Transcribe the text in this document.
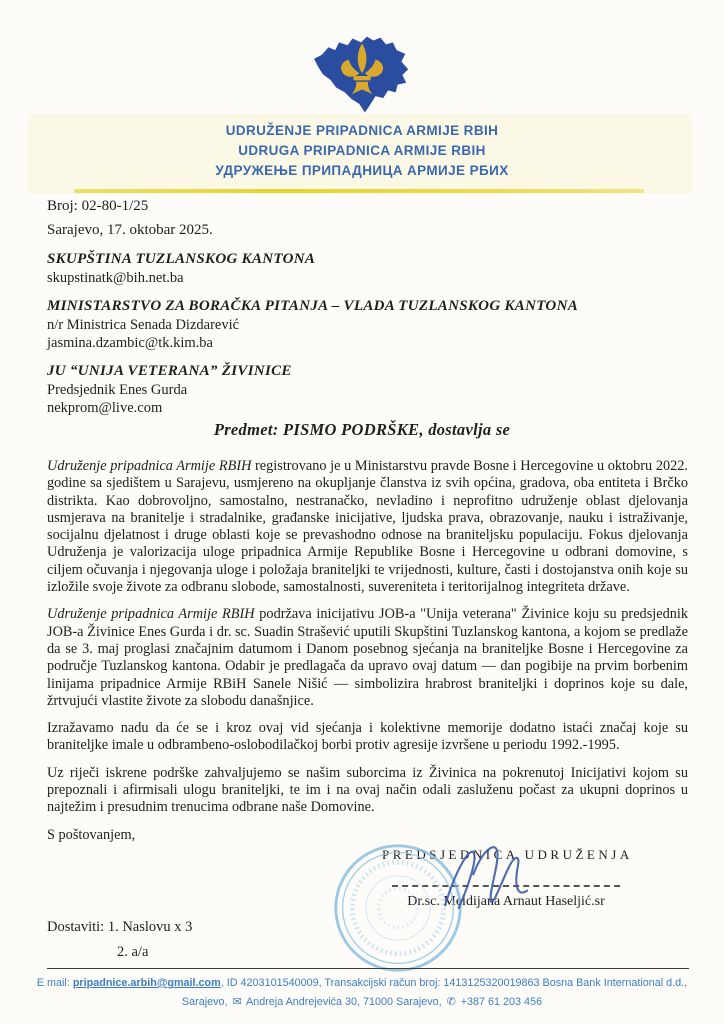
UDRUŽENJE PRIPADNICA ARMIJE RBIH
UDRUGA PRIPADNICA ARMIJE RBIH
УДРУЖЕЊЕ ПРИПАДНИЦА АРМИЈЕ РБИХ
Broj: 02-80-1/25
Sarajevo, 17. oktobar 2025.
SKUPŠTINA TUZLANSKOG KANTONA
skupstinatk@bih.net.ba
MINISTARSTVO ZA BORAČKA PITANJA – VLADA TUZLANSKOG KANTONA
n/r Ministrica Senada Dizdarević
jasmina.dzambic@tk.kim.ba
JU “UNIJA VETERANA” ŽIVINICE
Predsjednik Enes Gurda
nekprom@live.com
Predmet: PISMO PODRŠKE, dostavlja se

Udruženje pripadnica Armije RBIH registrovano je u Ministarstvu pravde Bosne i Hercegovine u oktobru 2022. godine sa sjedištem u Sarajevu, usmjereno na okupljanje članstva iz svih općina, gradova, oba entiteta i Brčko distrikta. Kao dobrovoljno, samostalno, nestranačko, nevladino i neprofitno udruženje oblast djelovanja usmjerava na branitelje i stradalnike, građanske inicijative, ljudska prava, obrazovanje, nauku i istraživanje, socijalnu djelatnost i druge oblasti koje se prevashodno odnose na braniteljsku populaciju. Fokus djelovanja Udruženja je valorizacija uloge pripadnica Armije Republike Bosne i Hercegovine u odbrani domovine, s ciljem očuvanja i njegovanja uloge i položaja braniteljki te vrijednosti, kulture, časti i dostojanstva onih koje su izložile svoje živote za odbranu slobode, samostalnosti, suvereniteta i teritorijalnog integriteta države.

Udruženje pripadnica Armije RBIH podržava inicijativu JOB-a "Unija veterana" Živinice koju su predsjednik JOB-a Živinice Enes Gurda i dr. sc. Suadin Strašević uputili Skupštini Tuzlanskog kantona, a kojom se predlaže da se 3. maj proglasi značajnim datumom i Danom posebnog sjećanja na braniteljke Bosne i Hercegovine za područje Tuzlanskog kantona. Odabir je predlagača da upravo ovaj datum — dan pogibije na prvim borbenim linijama pripadnice Armije RBiH Sanele Nišić — simbolizira hrabrost braniteljki i doprinos koje su dale, žrtvujući vlastite živote za slobodu današnjice.

Izražavamo nadu da će se i kroz ovaj vid sjećanja i kolektivne memorije dodatno istaći značaj koje su braniteljke imale u odbrambeno-oslobodilačkoj borbi protiv agresije izvršene u periodu 1992.-1995.

Uz riječi iskrene podrške zahvaljujemo se našim suborcima iz Živinica na pokrenutoj Inicijativi kojom su prepoznali i afirmisali ulogu braniteljki, te im i na ovaj način odali zasluženu počast za ukupni doprinos u najtežim i presudnim trenucima odbrane naše Domovine.

S poštovanjem,

PREDSJEDNICA UDRUŽENJA
Dr.sc. Meldijana Arnaut Haseljić.sr
Dostaviti: 1. Naslovu x 3
2. a/a
E mail: pripadnice.arbih@gmail.com, ID 4203101540009, Transakcijski račun broj: 1413125320019863 Bosna Bank International d.d.,
Sarajevo, ✉ Andreja Andrejevića 30, 71000 Sarajevo, ✆ +387 61 203 456
